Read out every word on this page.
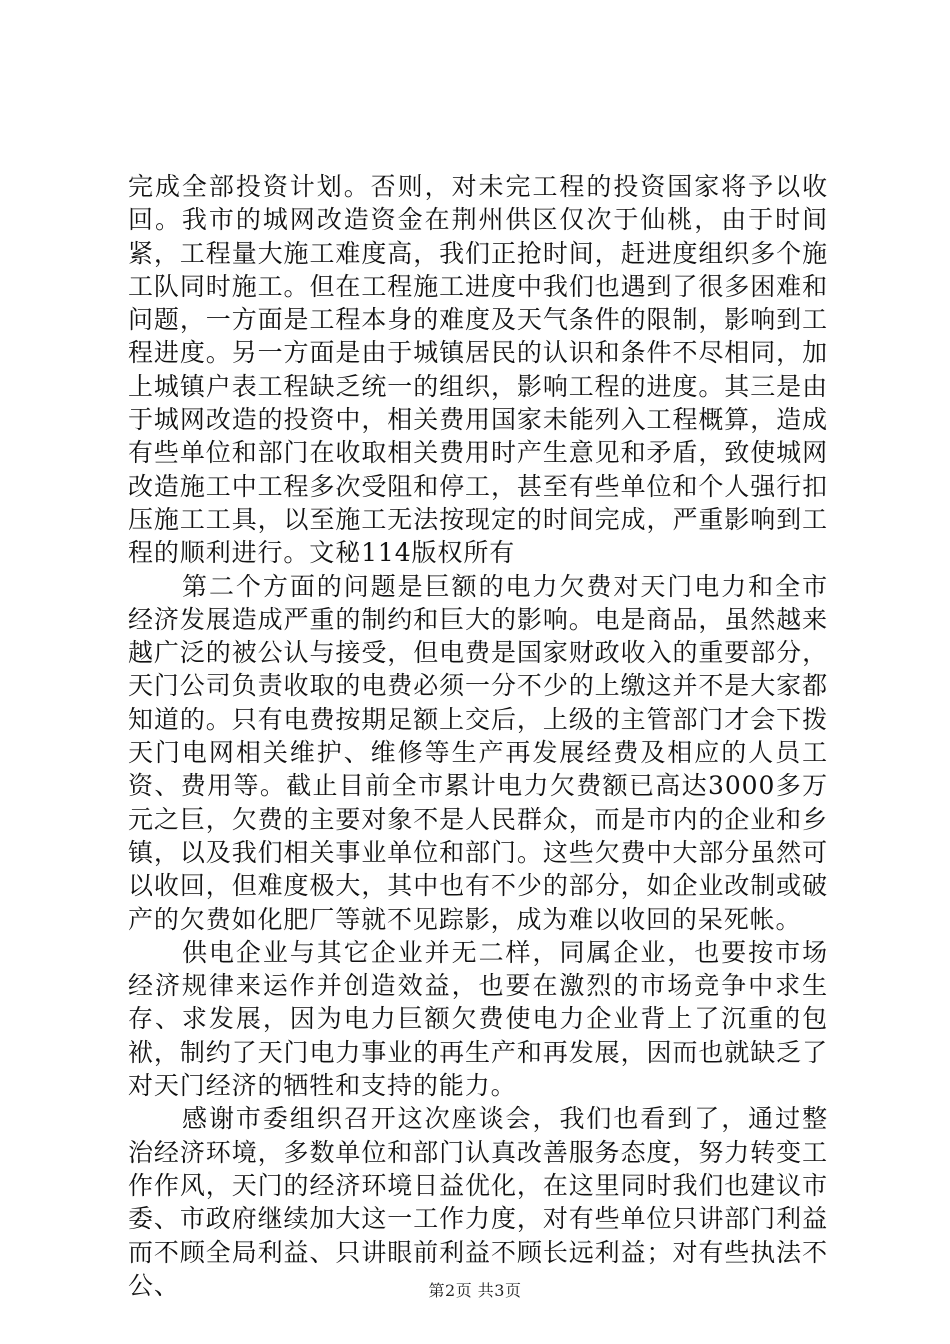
完成全部投资计划。否则，对未完工程的投资国家将予以收回。我市的城网改造资金在荆州供区仅次于仙桃，由于时间紧，工程量大施工难度高，我们正抢时间，赶进度组织多个施工队同时施工。但在工程施工进度中我们也遇到了很多困难和问题，一方面是工程本身的难度及天气条件的限制，影响到工程进度。另一方面是由于城镇居民的认识和条件不尽相同，加上城镇户表工程缺乏统一的组织，影响工程的进度。其三是由于城网改造的投资中，相关费用国家未能列入工程概算，造成有些单位和部门在收取相关费用时产生意见和矛盾，致使城网改造施工中工程多次受阻和停工，甚至有些单位和个人强行扣压施工工具，以至施工无法按现定的时间完成，严重影响到工程的顺利进行。文秘114版权所有

第二个方面的问题是巨额的电力欠费对天门电力和全市经济发展造成严重的制约和巨大的影响。电是商品，虽然越来越广泛的被公认与接受，但电费是国家财政收入的重要部分，天门公司负责收取的电费必须一分不少的上缴这并不是大家都知道的。只有电费按期足额上交后，上级的主管部门才会下拨天门电网相关维护、维修等生产再发展经费及相应的人员工资、费用等。截止目前全市累计电力欠费额已高达3000多万元之巨，欠费的主要对象不是人民群众，而是市内的企业和乡镇，以及我们相关事业单位和部门。这些欠费中大部分虽然可以收回，但难度极大，其中也有不少的部分，如企业改制或破产的欠费如化肥厂等就不见踪影，成为难以收回的呆死帐。

供电企业与其它企业并无二样，同属企业，也要按市场经济规律来运作并创造效益，也要在激烈的市场竞争中求生存、求发展，因为电力巨额欠费使电力企业背上了沉重的包袱，制约了天门电力事业的再生产和再发展，因而也就缺乏了对天门经济的牺牲和支持的能力。

感谢市委组织召开这次座谈会，我们也看到了，通过整治经济环境，多数单位和部门认真改善服务态度，努力转变工作作风，天门的经济环境日益优化，在这里同时我们也建议市委、市政府继续加大这一工作力度，对有些单位只讲部门利益而不顾全局利益、只讲眼前利益不顾长远利益；对有些执法不公、	第2页 共3页
